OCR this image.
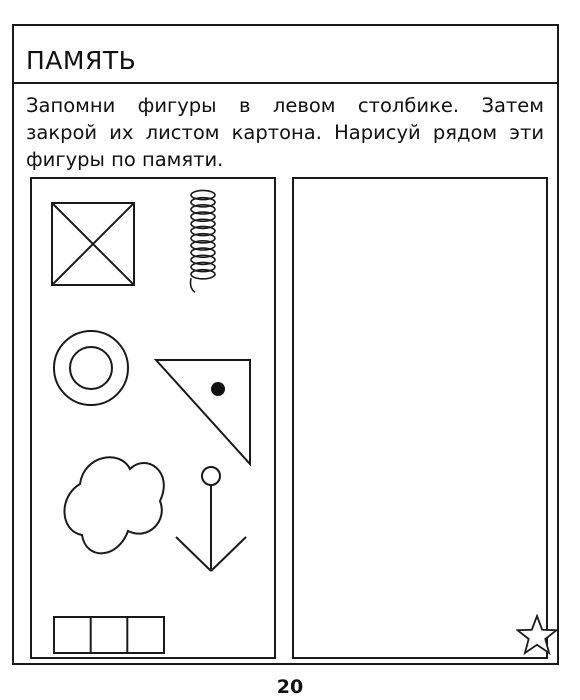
ПАМЯТЬ
Запомни фигуры в левом столбике. Затем
закрой их листом картона. Нарисуй рядом эти
фигуры по памяти.
20
